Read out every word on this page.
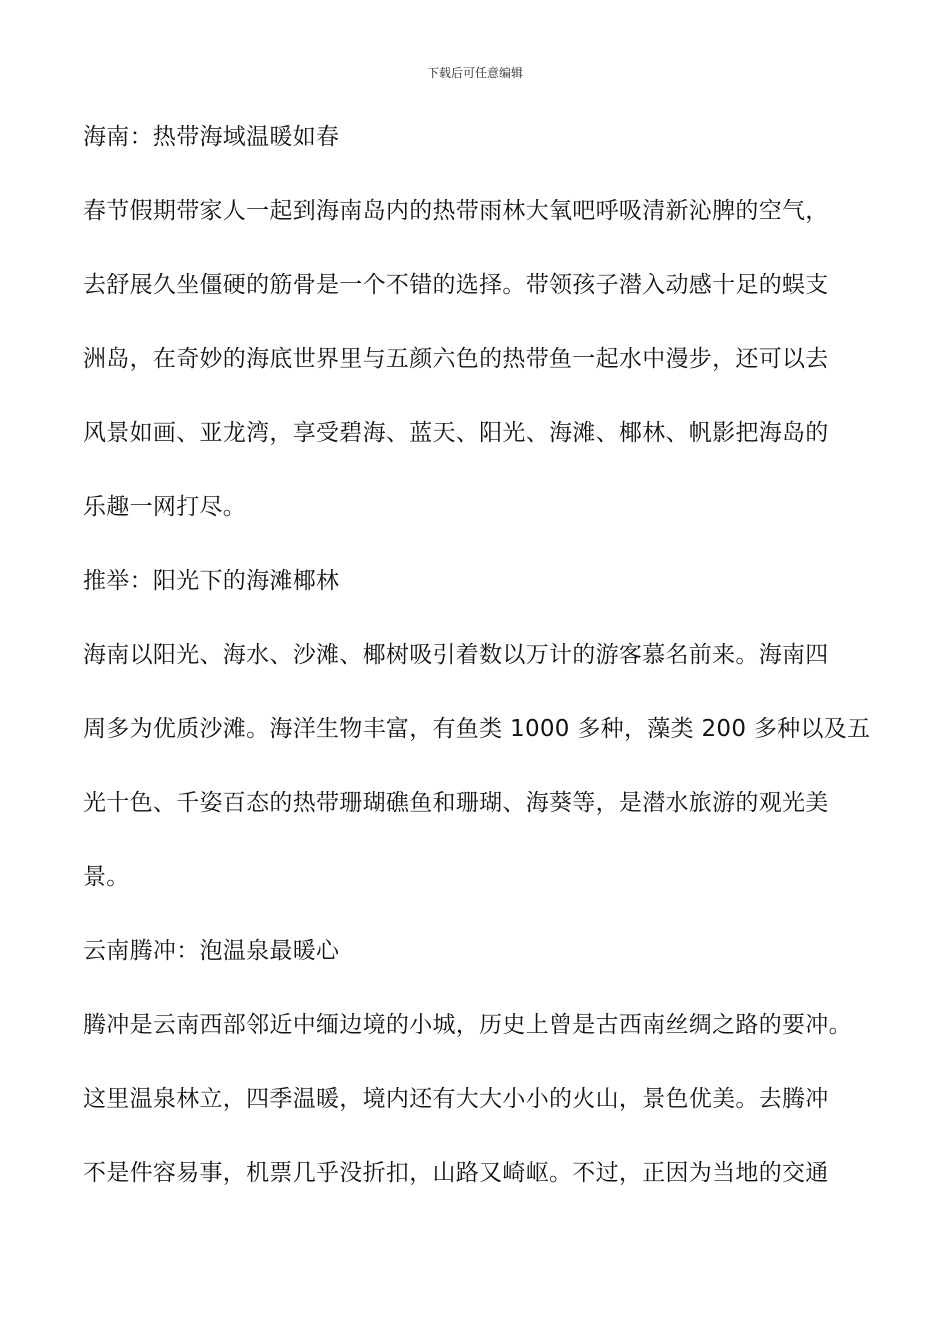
下载后可任意编辑
海南：热带海域温暖如春
春节假期带家人一起到海南岛内的热带雨林大氧吧呼吸清新沁脾的空气，
去舒展久坐僵硬的筋骨是一个不错的选择。带领孩子潜入动感十足的蜈支
洲岛，在奇妙的海底世界里与五颜六色的热带鱼一起水中漫步，还可以去
风景如画、亚龙湾，享受碧海、蓝天、阳光、海滩、椰林、帆影把海岛的
乐趣一网打尽。
推举：阳光下的海滩椰林
海南以阳光、海水、沙滩、椰树吸引着数以万计的游客慕名前来。海南四
周多为优质沙滩。海洋生物丰富，有鱼类 1000 多种，藻类 200 多种以及五
光十色、千姿百态的热带珊瑚礁鱼和珊瑚、海葵等，是潜水旅游的观光美
景。
云南腾冲：泡温泉最暖心
腾冲是云南西部邻近中缅边境的小城，历史上曾是古西南丝绸之路的要冲。
这里温泉林立，四季温暖，境内还有大大小小的火山，景色优美。去腾冲
不是件容易事，机票几乎没折扣，山路又崎岖。不过，正因为当地的交通
